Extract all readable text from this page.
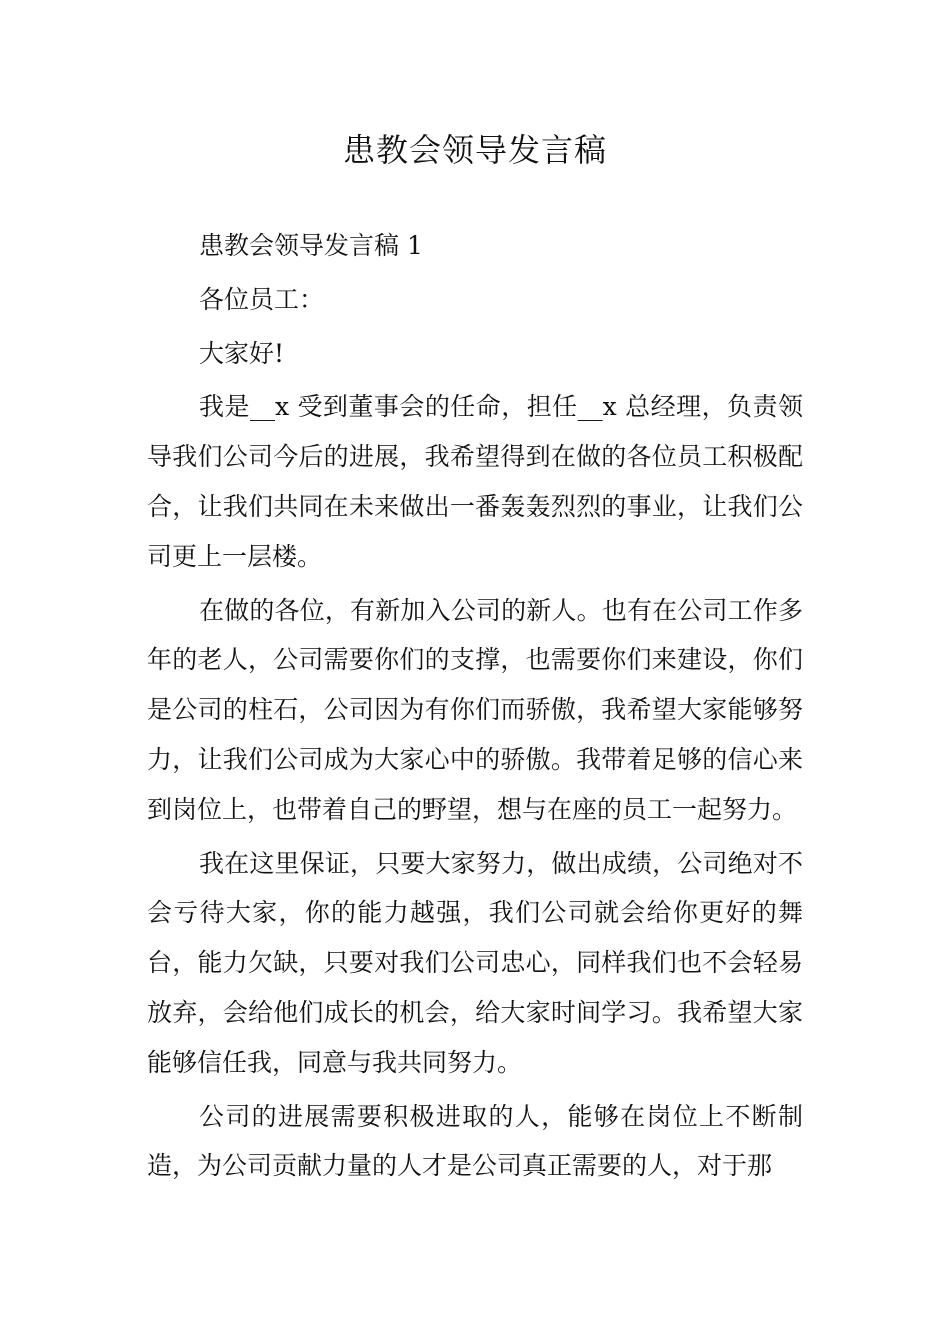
患教会领导发言稿

患教会领导发言稿 1

各位员工：

大家好!

我是__x 受到董事会的任命，担任__x 总经理，负责领导我们公司今后的进展，我希望得到在做的各位员工积极配合，让我们共同在未来做出一番轰轰烈烈的事业，让我们公司更上一层楼。

在做的各位，有新加入公司的新人。也有在公司工作多年的老人，公司需要你们的支撑，也需要你们来建设，你们是公司的柱石，公司因为有你们而骄傲，我希望大家能够努力，让我们公司成为大家心中的骄傲。我带着足够的信心来到岗位上，也带着自己的野望，想与在座的员工一起努力。

我在这里保证，只要大家努力，做出成绩，公司绝对不会亏待大家，你的能力越强，我们公司就会给你更好的舞台，能力欠缺，只要对我们公司忠心，同样我们也不会轻易放弃，会给他们成长的机会，给大家时间学习。我希望大家能够信任我，同意与我共同努力。

公司的进展需要积极进取的人，能够在岗位上不断制造，为公司贡献力量的人才是公司真正需要的人，对于那
